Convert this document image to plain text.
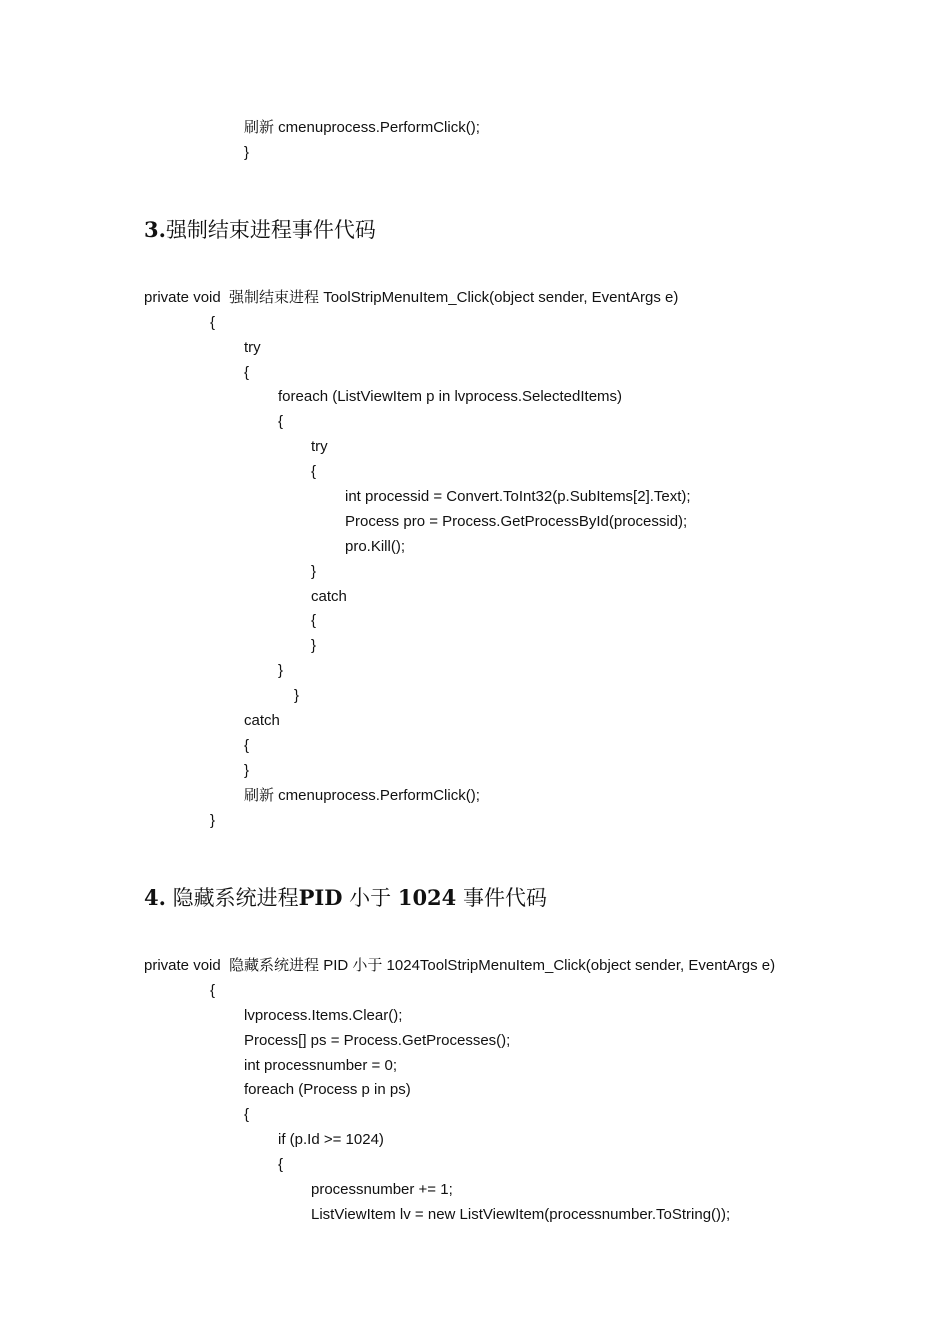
刷新 cmenuprocess.PerformClick();
}
3.强制结束进程事件代码
private void  强制结束进程 ToolStripMenuItem_Click(object sender, EventArgs e)
{
try
{
foreach (ListViewItem p in lvprocess.SelectedItems)
{
try
{
int processid = Convert.ToInt32(p.SubItems[2].Text);
Process pro = Process.GetProcessById(processid);
pro.Kill();
}
catch
{
}
}
}
catch
{
}
刷新 cmenuprocess.PerformClick();
}
4. 隐藏系统进程PID 小于 1024 事件代码
private void  隐藏系统进程 PID 小于 1024ToolStripMenuItem_Click(object sender, EventArgs e)
{
lvprocess.Items.Clear();
Process[] ps = Process.GetProcesses();
int processnumber = 0;
foreach (Process p in ps)
{
if (p.Id >= 1024)
{
processnumber += 1;
ListViewItem lv = new ListViewItem(processnumber.ToString());
